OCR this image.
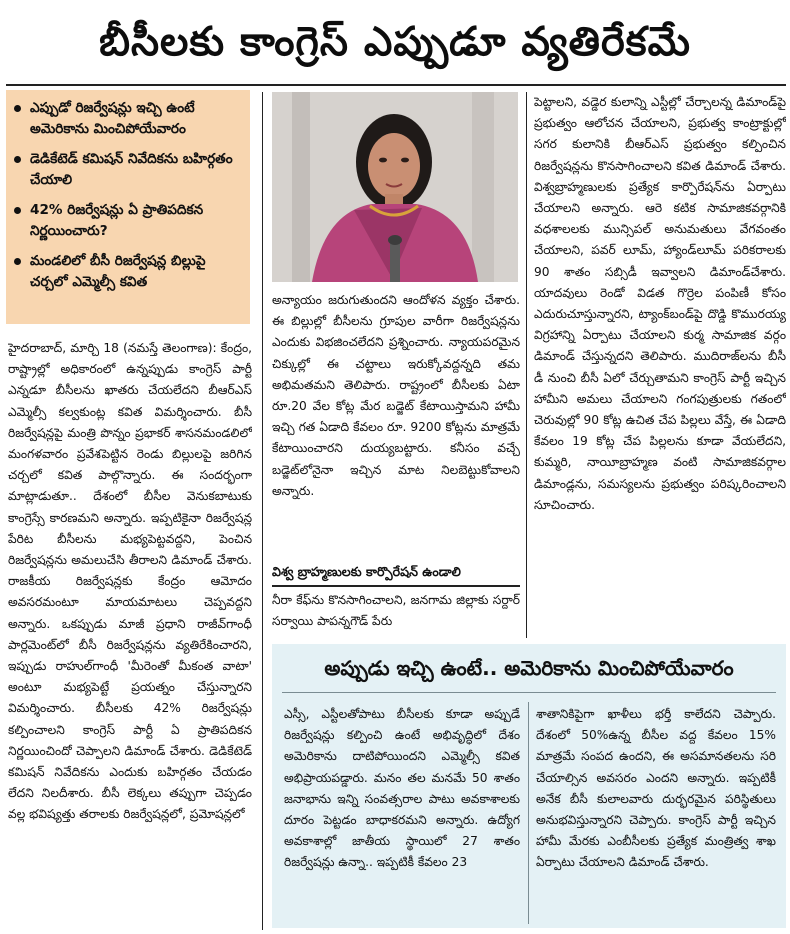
బీసీలకు కాంగ్రెస్ ఎప్పుడూ వ్యతిరేకమే
ఎప్పుడో రిజర్వేషన్లు ఇచ్చి ఉంటే అమెరికాను మించిపోయేవారం
డెడికేటెడ్ కమిషన్ నివేదికను బహిర్గతం చేయాలి
42% రిజర్వేషన్లు ఏ ప్రాతిపదికన నిర్ణయించారు?
మండలిలో బీసీ రిజర్వేషన్ల బిల్లుపై చర్చలో ఎమ్మెల్సీ కవిత

హైదరాబాద్, మార్చి 18 (నమస్తే తెలంగాణ): కేంద్రం, రాష్ట్రాల్లో అధికారంలో ఉన్నప్పుడు కాంగ్రెస్ పార్టీ ఎన్నడూ బీసీలను ఖాతరు చేయలేదని బీఆర్ఎస్ ఎమ్మెల్సీ కల్వకుంట్ల కవిత విమర్శించారు. బీసీ రిజర్వేషన్లపై మంత్రి పొన్నం ప్రభాకర్ శాసనమండలిలో మంగళవారం ప్రవేశపెట్టిన రెండు బిల్లులపై జరిగిన చర్చలో కవిత పాల్గొన్నారు. ఈ సందర్భంగా మాట్లాడుతూ.. దేశంలో బీసీల వెనుకబాటుకు కాంగ్రెస్సే కారణమని అన్నారు. ఇప్పటికైనా రిజర్వేషన్ల పేరిట బీసీలను మభ్యపెట్టవద్దని, పెంచిన రిజర్వేషన్లను అమలుచేసి తీరాలని డిమాండ్ చేశారు. రాజకీయ రిజర్వేషన్లకు కేంద్రం ఆమోదం అవసరమంటూ మాయమాటలు చెప్పవద్దని అన్నారు. ఒకప్పుడు మాజీ ప్రధాని రాజీవ్‌గాంధీ పార్లమెంట్‌లో బీసీ రిజర్వేషన్లను వ్యతిరేకించారని, ఇప్పుడు రాహుల్‌గాంధీ 'మీరెంతో మీకంత వాటా' అంటూ మభ్యపెట్టే ప్రయత్నం చేస్తున్నారని విమర్శించారు. బీసీలకు 42% రిజర్వేషన్లు కల్పించాలని కాంగ్రెస్ పార్టీ ఏ ప్రాతిపదికన నిర్ణయించిందో చెప్పాలని డిమాండ్ చేశారు. డెడికేటెడ్ కమిషన్ నివేదికను ఎందుకు బహిర్గతం చేయడం లేదని నిలదీశారు. బీసీ లెక్కలు తప్పుగా చెప్పడం వల్ల భవిష్యత్తు తరాలకు రిజర్వేషన్లలో, ప్రమోషన్లలో

అన్యాయం జరుగుతుందని ఆందోళన వ్యక్తం చేశారు. ఈ బిల్లుల్లో బీసీలను గ్రూపుల వారీగా రిజర్వేషన్లను ఎందుకు విభజించలేదని ప్రశ్నించారు. న్యాయపరమైన చిక్కుల్లో ఈ చట్టాలు ఇరుక్కోవద్దన్నది తమ అభిమతమని తెలిపారు. రాష్ట్రంలో బీసీలకు ఏటా రూ.20 వేల కోట్ల మేర బడ్జెట్ కేటాయిస్తామని హామీ ఇచ్చి గత ఏడాది కేవలం రూ. 9200 కోట్లను మాత్రమే కేటాయించారని దుయ్యబట్టారు. కనీసం వచ్చే బడ్జెట్‌లోనైనా ఇచ్చిన మాట నిలబెట్టుకోవాలని అన్నారు.

విశ్వ బ్రాహ్మణులకు కార్పొరేషన్ ఉండాలి

నీరా కేఫ్‌ను కొనసాగించాలని, జనగామ జిల్లాకు సర్దార్ సర్వాయి పాపన్నగౌడ్ పేరు

పెట్టాలని, వడ్డెర కులాన్ని ఎస్టీల్లో చేర్చాలన్న డిమాండ్‌పై ప్రభుత్వం ఆలోచన చేయాలని, ప్రభుత్వ కాంట్రాక్టుల్లో సగర కులానికి బీఆర్ఎస్ ప్రభుత్వం కల్పించిన రిజర్వేషన్లను కొనసాగించాలని కవిత డిమాండ్ చేశారు. విశ్వబ్రాహ్మణులకు ప్రత్యేక కార్పొరేషన్‌ను ఏర్పాటు చేయాలని అన్నారు. ఆరె కటిక సామాజికవర్గానికి వధశాలలకు మున్సిపల్ అనుమతులు వేగవంతం చేయాలని, పవర్ లూమ్, హ్యాండ్‌లూమ్ పరికరాలకు 90 శాతం సబ్సిడీ ఇవ్వాలని డిమాండ్‌చేశారు. యాదవులు రెండో విడత గొర్రెల పంపిణీ కోసం ఎదురుచూస్తున్నారని, ట్యాంక్‌బండ్‌పై దొడ్డి కొమురయ్య విగ్రహాన్ని ఏర్పాటు చేయాలని కుర్మ సామాజిక వర్గం డిమాండ్ చేస్తున్నదని తెలిపారు. ముదిరాజ్‌లను బీసీ డీ నుంచి బీసీ ఏలో చేర్చుతామని కాంగ్రెస్ పార్టీ ఇచ్చిన హామీని అమలు చేయాలని గంగపుత్రులకు గతంలో చెరువుల్లో 90 కోట్ల ఉచిత చేప పిల్లలు వేస్తే, ఈ ఏడాది కేవలం 19 కోట్ల చేప పిల్లలను కూడా వేయలేదని, కుమ్మరి, నాయీబ్రాహ్మణ వంటి సామాజికవర్గాల డిమాండ్లను, సమస్యలను ప్రభుత్వం పరిష్కరించాలని సూచించారు.

అప్పుడు ఇచ్చి ఉంటే.. అమెరికాను మించిపోయేవారం

ఎస్సీ, ఎస్టీలతోపాటు బీసీలకు కూడా అప్పుడే రిజర్వేషన్లు కల్పించి ఉంటే అభివృద్ధిలో దేశం అమెరికాను దాటిపోయిందని ఎమ్మెల్సీ కవిత అభిప్రాయపడ్డారు. మనం తల మనమే 50 శాతం జనాభాను ఇన్ని సంవత్సరాల పాటు అవకాశాలకు దూరం పెట్టడం బాధాకరమని అన్నారు. ఉద్యోగ అవకాశాల్లో జాతీయ స్థాయిలో 27 శాతం రిజర్వేషన్లు ఉన్నా.. ఇప్పటికీ కేవలం 23

శాతానికిపైగా ఖాళీలు భర్తీ కాలేదని చెప్పారు. దేశంలో 50%ఉన్న బీసీల వద్ద కేవలం 15% మాత్రమే సంపద ఉందని, ఈ అసమానతలను సరి చేయాల్సిన అవసరం ఎందని అన్నారు. ఇప్పటికీ అనేక బీసీ కులాలవారు దుర్భరమైన పరిస్థితులు అనుభవిస్తున్నారని చెప్పారు. కాంగ్రెస్ పార్టీ ఇచ్చిన హామీ మేరకు ఎంబీసీలకు ప్రత్యేక మంత్రిత్వ శాఖ ఏర్పాటు చేయాలని డిమాండ్ చేశారు.
